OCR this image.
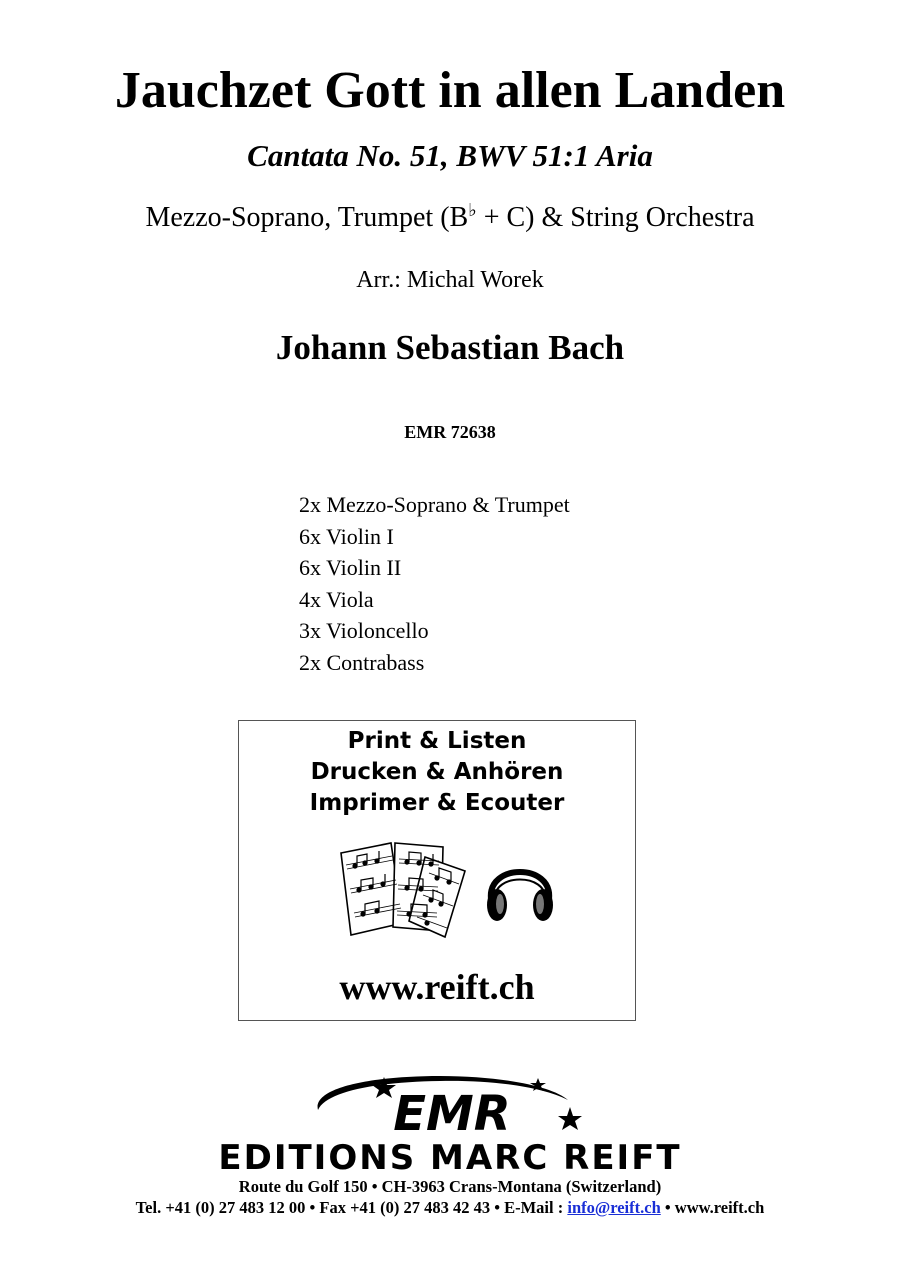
Jauchzet Gott in allen Landen
Cantata No. 51, BWV 51:1 Aria
Mezzo-Soprano, Trumpet (B♭ + C) & String Orchestra
Arr.: Michal Worek
Johann Sebastian Bach
EMR 72638
2x Mezzo-Soprano & Trumpet
6x Violin I
6x Violin II
4x Viola
3x Violoncello
2x Contrabass
Print & Listen
Drucken & Anhören
Imprimer & Ecouter
www.reift.ch
EMR
EDITIONS MARC REIFT
Route du Golf 150 • CH-3963 Crans-Montana (Switzerland)
Tel. +41 (0) 27 483 12 00 • Fax +41 (0) 27 483 42 43 • E-Mail : info@reift.ch • www.reift.ch
